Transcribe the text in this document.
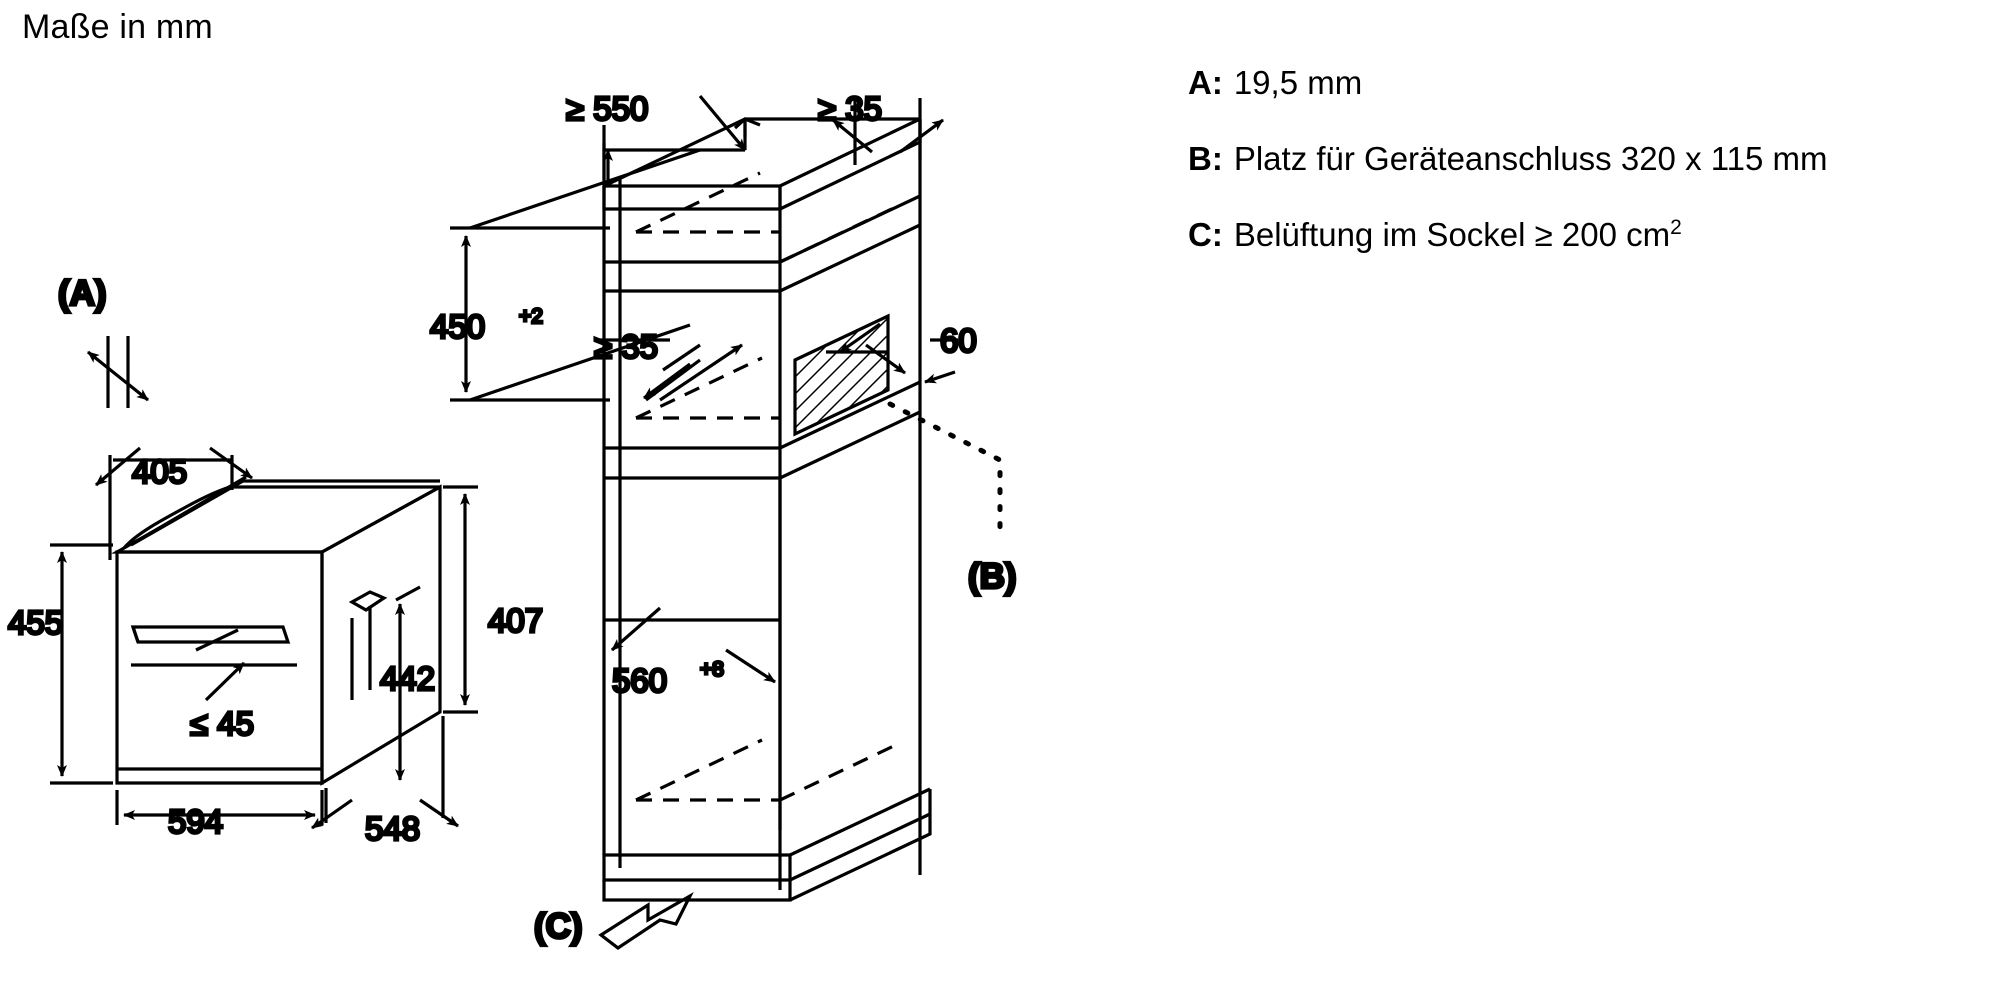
Maße in mm
(A)
405
455
594	548
407
442
≤ 45
≥ 550	≥ 35
450 +2
≥ 35	60
560 +8
(B)
(C)
A: 19,5 mm
B: Platz für Geräteanschluss 320 x 115 mm
C: Belüftung im Sockel ≥ 200 $cm^2$
